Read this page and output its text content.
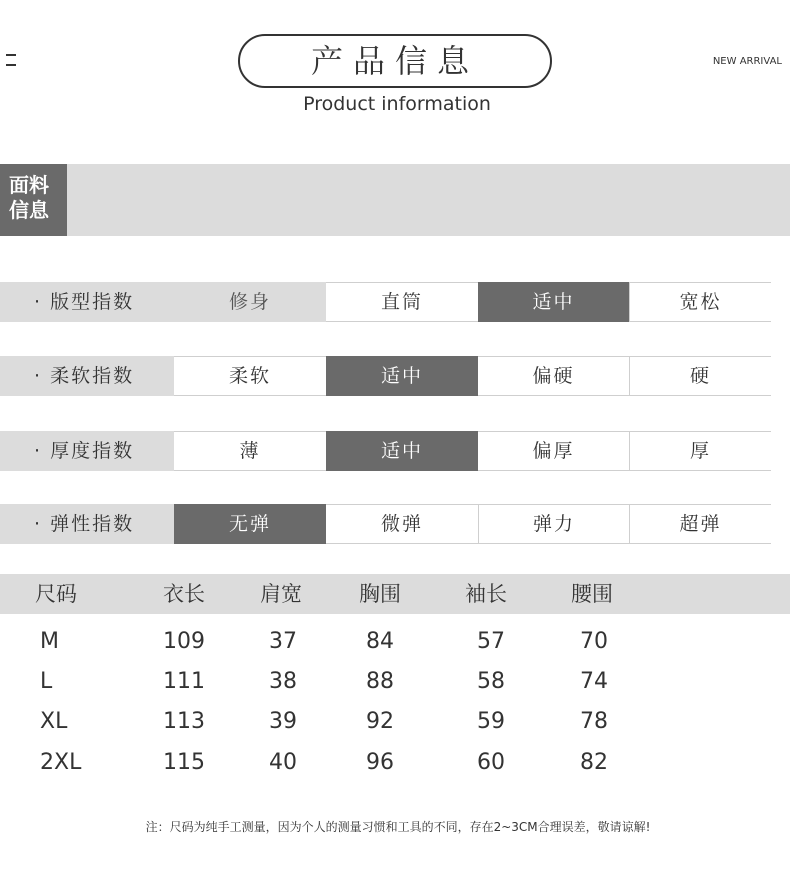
产品信息
Product information
NEW ARRIVAL
面料
信息
· 版型指数	修身	直筒	适中	宽松
· 柔软指数	柔软	适中	偏硬	硬
· 厚度指数	薄	适中	偏厚	厚
· 弹性指数	无弹	微弹	弹力	超弹
尺码	衣长	肩宽	胸围	袖长	腰围
M	109	37	84	57	70
L	111	38	88	58	74
XL	113	39	92	59	78
2XL	115	40	96	60	82
注：尺码为纯手工测量，因为个人的测量习惯和工具的不同，存在2~3CM合理误差，敬请谅解!
